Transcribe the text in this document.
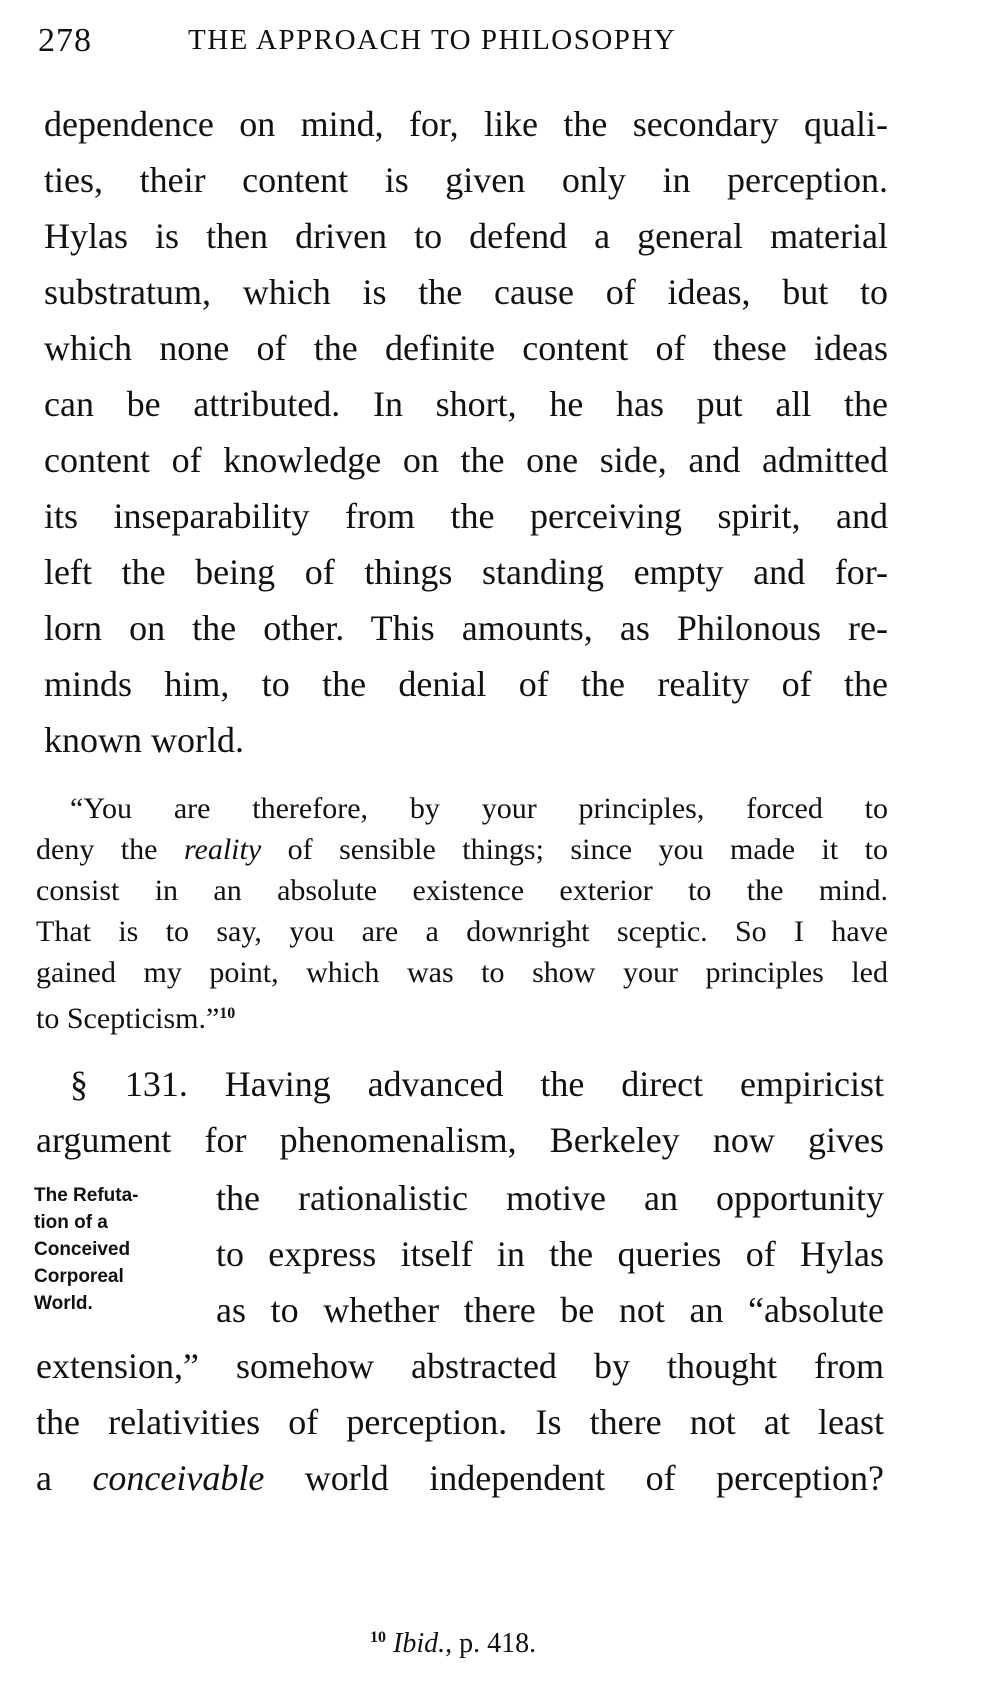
278	THE APPROACH TO PHILOSOPHY
dependence on mind, for, like the secondary quali-
ties, their content is given only in perception.
Hylas is then driven to defend a general material
substratum, which is the cause of ideas, but to
which none of the definite content of these ideas
can be attributed. In short, he has put all the
content of knowledge on the one side, and admitted
its inseparability from the perceiving spirit, and
left the being of things standing empty and for-
lorn on the other. This amounts, as Philonous re-
minds him, to the denial of the reality of the
known world.
“You are therefore, by your principles, forced to
deny the reality of sensible things; since you made it to
consist in an absolute existence exterior to the mind.
That is to say, you are a downright sceptic. So I have
gained my point, which was to show your principles led
to Scepticism.”$^{10}$
§ 131. Having advanced the direct empiricist
argument for phenomenalism, Berkeley now gives
the rationalistic motive an opportunity
to express itself in the queries of Hylas
as to whether there be not an “absolute
extension,” somehow abstracted by thought from
the relativities of perception. Is there not at least
a conceivable world independent of perception?
The Refuta-
tion of a
Conceived
Corporeal
World.
$^{10}$ Ibid., p. 418.
